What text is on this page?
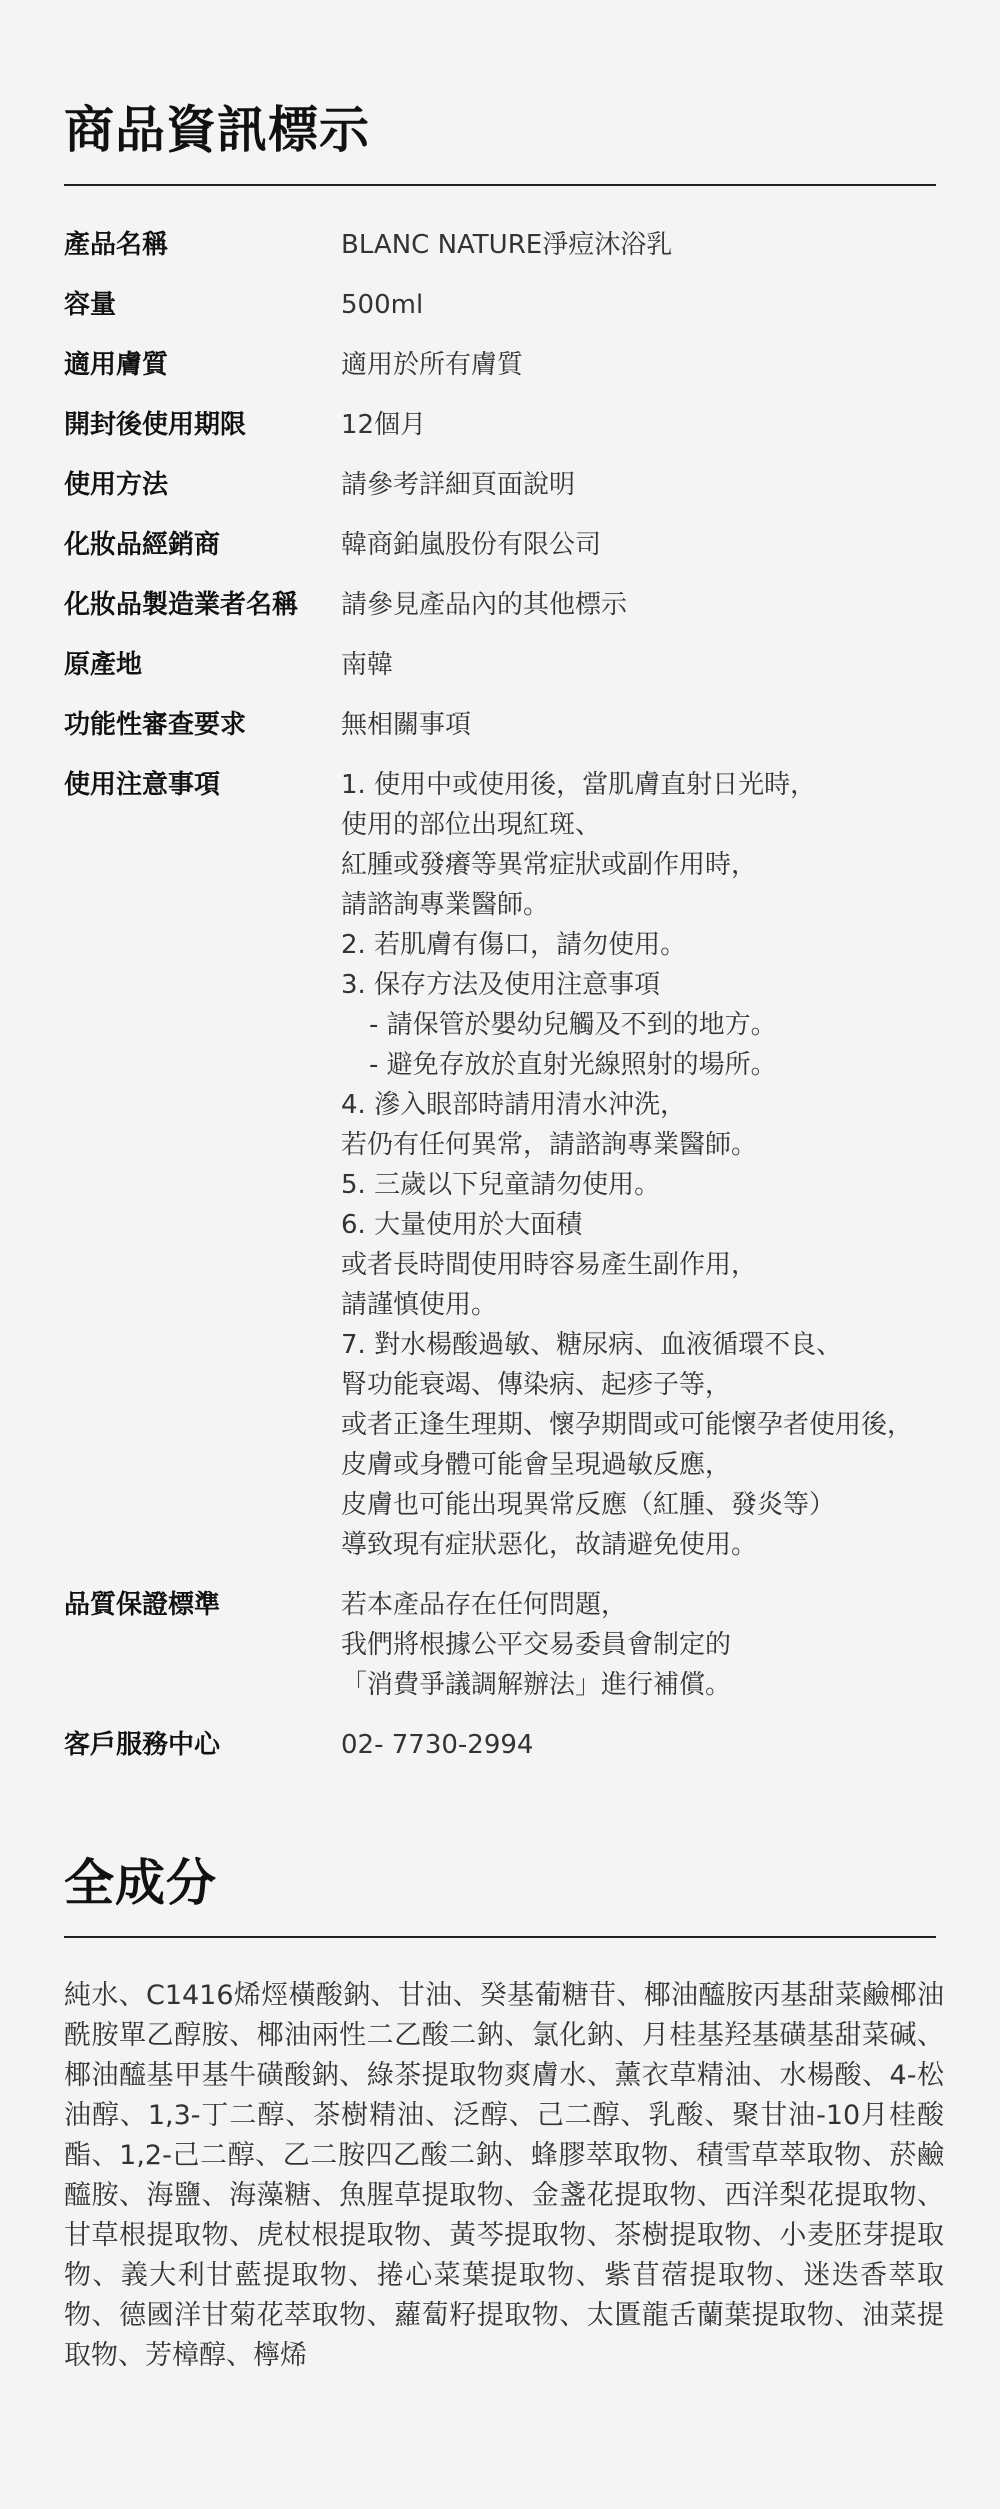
商品資訊標示
產品名稱	BLANC NATURE淨痘沐浴乳
容量	500ml
適用膚質	適用於所有膚質
開封後使用期限	12個月
使用方法	請參考詳細頁面說明
化妝品經銷商	韓商鉑嵐股份有限公司
化妝品製造業者名稱	請參見產品內的其他標示
原產地	南韓
功能性審查要求	無相關事項
使用注意事項	1. 使用中或使用後，當肌膚直射日光時，
使用的部位出現紅斑、
紅腫或發癢等異常症狀或副作用時，
請諮詢專業醫師。
2. 若肌膚有傷口，請勿使用。
3. 保存方法及使用注意事項
- 請保管於嬰幼兒觸及不到的地方。
- 避免存放於直射光線照射的場所。
4. 滲入眼部時請用清水沖洗，
若仍有任何異常，請諮詢專業醫師。
5. 三歲以下兒童請勿使用。
6. 大量使用於大面積
或者長時間使用時容易產生副作用，
請謹慎使用。
7. 對水楊酸過敏、糖尿病、血液循環不良、
腎功能衰竭、傳染病、起疹子等，
或者正逢生理期、懷孕期間或可能懷孕者使用後，
皮膚或身體可能會呈現過敏反應，
皮膚也可能出現異常反應（紅腫、發炎等）
導致現有症狀惡化，故請避免使用。
品質保證標準	若本產品存在任何問題，
我們將根據公平交易委員會制定的
「消費爭議調解辦法」進行補償。
客戶服務中心	02- 7730-2994
全成分

純水、C1416烯烴橫酸鈉、甘油、癸基葡糖苷、椰油醯胺丙基甜菜鹼椰油酰胺單乙醇胺、椰油兩性二乙酸二鈉、氯化鈉、月桂基羟基磺基甜菜碱、椰油醯基甲基牛磺酸鈉、綠茶提取物爽膚水、薰衣草精油、水楊酸、4-松油醇、1,3-丁二醇、茶樹精油、泛醇、己二醇、乳酸、聚甘油-10月桂酸酯、1,2-己二醇、乙二胺四乙酸二鈉、蜂膠萃取物、積雪草萃取物、菸鹼醯胺、海鹽、海藻糖、魚腥草提取物、金盞花提取物、西洋梨花提取物、甘草根提取物、虎杖根提取物、黃芩提取物、茶樹提取物、小麦胚芽提取物、義大利甘藍提取物、捲心菜葉提取物、紫苜蓿提取物、迷迭香萃取物、德國洋甘菊花萃取物、蘿蔔籽提取物、太匱龍舌蘭葉提取物、油菜提取物、芳樟醇、檸烯
